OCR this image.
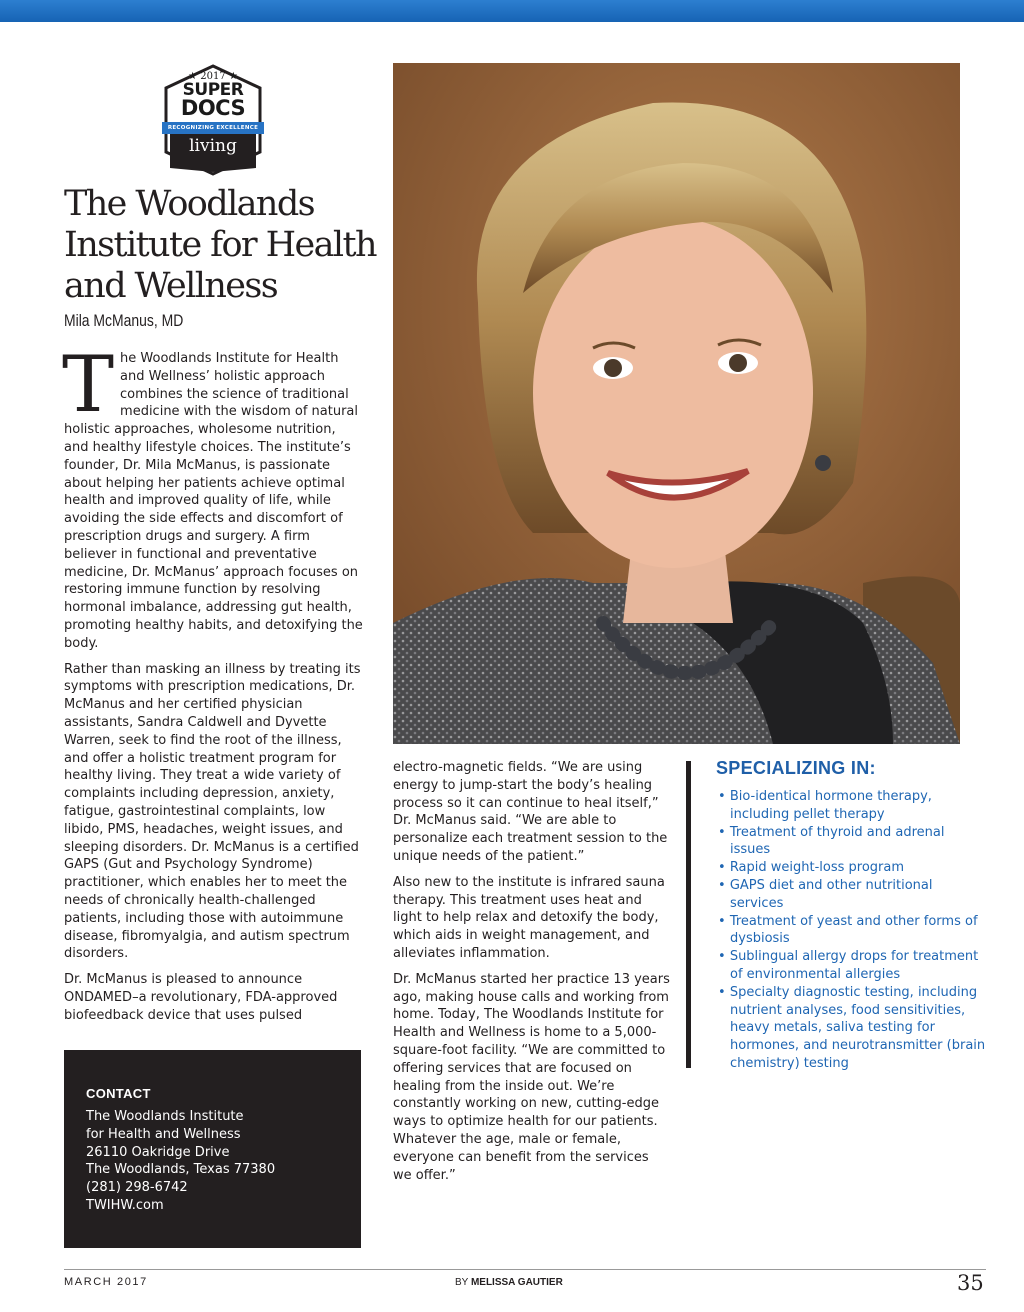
★ 2017 ★
SUPER
DOCS
RECOGNIZING EXCELLENCE
living
The Woodlands
Institute for Health
and Wellness
Mila McManus, MD

The Woodlands Institute for Health and Wellness’ holistic approach combines the science of traditional medicine with the wisdom of natural holistic approaches, wholesome nutrition, and healthy lifestyle choices. The institute’s founder, Dr. Mila McManus, is passionate about helping her patients achieve optimal health and improved quality of life, while avoiding the side effects and discomfort of prescription drugs and surgery. A firm believer in functional and preventative medicine, Dr. McManus’ approach focuses on restoring immune function by resolving hormonal imbalance, addressing gut health, promoting healthy habits, and detoxifying the body.

Rather than masking an illness by treating its symptoms with prescription medications, Dr. McManus and her certified physician assistants, Sandra Caldwell and Dyvette Warren, seek to find the root of the illness, and offer a holistic treatment program for healthy living. They treat a wide variety of complaints including depression, anxiety, fatigue, gastrointestinal complaints, low libido, PMS, headaches, weight issues, and sleeping disorders. Dr. McManus is a certified GAPS (Gut and Psychology Syndrome) practitioner, which enables her to meet the needs of chronically health-challenged patients, including those with autoimmune disease, fibromyalgia, and autism spectrum disorders.

Dr. McManus is pleased to announce ONDAMED–a revolutionary, FDA-approved biofeedback device that uses pulsed

electro-magnetic fields. “We are using energy to jump-start the body’s healing process so it can continue to heal itself,” Dr. McManus said. “We are able to personalize each treatment session to the unique needs of the patient.”

Also new to the institute is infrared sauna therapy. This treatment uses heat and light to help relax and detoxify the body, which aids in weight management, and alleviates inflammation.

Dr. McManus started her practice 13 years ago, making house calls and working from home. Today, The Woodlands Institute for Health and Wellness is home to a 5,000-square-foot facility. “We are committed to offering services that are focused on healing from the inside out. We’re constantly working on new, cutting-edge ways to optimize health for our patients. Whatever the age, male or female, everyone can benefit from the services we offer.”

SPECIALIZING IN:
• Bio-identical hormone therapy, including pellet therapy
• Treatment of thyroid and adrenal issues
• Rapid weight-loss program
• GAPS diet and other nutritional services
• Treatment of yeast and other forms of dysbiosis
• Sublingual allergy drops for treatment of environmental allergies
• Specialty diagnostic testing, including nutrient analyses, food sensitivities, heavy metals, saliva testing for hormones, and neurotransmitter (brain chemistry) testing
CONTACT
The Woodlands Institute
for Health and Wellness
26110 Oakridge Drive
The Woodlands, Texas 77380
(281) 298-6742
TWIHW.com
MARCH 2017	BY MELISSA GAUTIER	35
